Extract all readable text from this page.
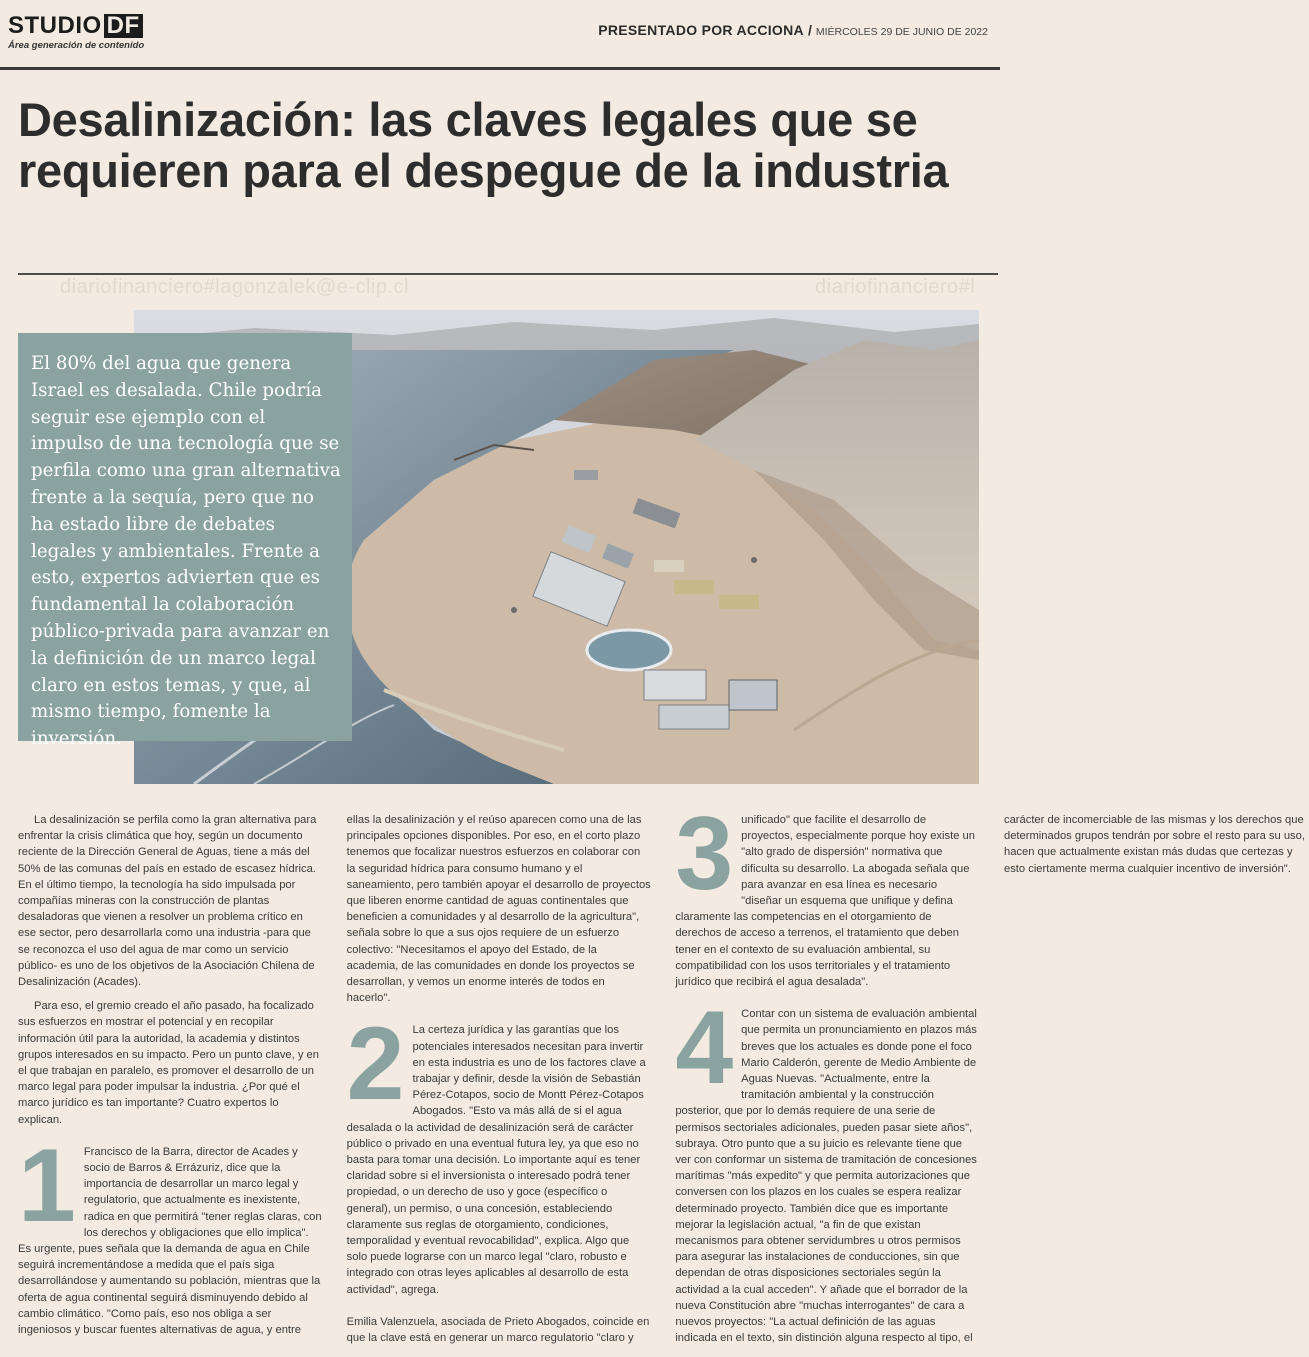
STUDIO DF
Área generación de contenido
PRESENTADO POR ACCIONA / MIÉRCOLES 29 DE JUNIO DE 2022
Desalinización: las claves legales que se requieren para el despegue de la industria
diariofinanciero#lagonzalek@e-clip.cl	diariofinanciero#l

El 80% del agua que genera Israel es desalada. Chile podría seguir ese ejemplo con el impulso de una tecnología que se perfila como una gran alternativa frente a la sequía, pero que no ha estado libre de debates legales y ambientales. Frente a esto, expertos advierten que es fundamental la colaboración público-privada para avanzar en la definición de un marco legal claro en estos temas, y que, al mismo tiempo, fomente la inversión.

La desalinización se perfila como la gran alternativa para enfrentar la crisis climática que hoy, según un documento reciente de la Dirección General de Aguas, tiene a más del 50% de las comunas del país en estado de escasez hídrica. En el último tiempo, la tecnología ha sido impulsada por compañías mineras con la construcción de plantas desaladoras que vienen a resolver un problema crítico en ese sector, pero desarrollarla como una industria -para que se reconozca el uso del agua de mar como un servicio público- es uno de los objetivos de la Asociación Chilena de Desalinización (Acades).

Para eso, el gremio creado el año pasado, ha focalizado sus esfuerzos en mostrar el potencial y en recopilar información útil para la autoridad, la academia y distintos grupos interesados en su impacto. Pero un punto clave, y en el que trabajan en paralelo, es promover el desarrollo de un marco legal para poder impulsar la industria. ¿Por qué el marco jurídico es tan importante? Cuatro expertos lo explican.

1 Francisco de la Barra, director de Acades y socio de Barros & Errázuriz, dice que la importancia de desarrollar un marco legal y regulatorio, que actualmente es inexistente, radica en que permitirá "tener reglas claras, con los derechos y obligaciones que ello implica". Es urgente, pues señala que la demanda de agua en Chile seguirá incrementándose a medida que el país siga desarrollándose y aumentando su población, mientras que la oferta de agua continental seguirá disminuyendo debido al cambio climático. "Como país, eso nos obliga a ser ingeniosos y buscar fuentes alternativas de agua, y entre ellas la desalinización y el reúso aparecen como una de las principales opciones disponibles. Por eso, en el corto plazo tenemos que focalizar nuestros esfuerzos en colaborar con la seguridad hídrica para consumo humano y el saneamiento, pero también apoyar el desarrollo de proyectos que liberen enorme cantidad de aguas continentales que beneficien a comunidades y al desarrollo de la agricultura", señala sobre lo que a sus ojos requiere de un esfuerzo colectivo: "Necesitamos el apoyo del Estado, de la academia, de las comunidades en donde los proyectos se desarrollan, y vemos un enorme interés de todos en hacerlo".

2 La certeza jurídica y las garantías que los potenciales interesados necesitan para invertir en esta industria es uno de los factores clave a trabajar y definir, desde la visión de Sebastián Pérez-Cotapos, socio de Montt Pérez-Cotapos Abogados. "Esto va más allá de si el agua desalada o la actividad de desalinización será de carácter público o privado en una eventual futura ley, ya que eso no basta para tomar una decisión. Lo importante aquí es tener claridad sobre si el inversionista o interesado podrá tener propiedad, o un derecho de uso y goce (específico o general), un permiso, o una concesión, estableciendo claramente sus reglas de otorgamiento, condiciones, temporalidad y eventual revocabilidad", explica. Algo que solo puede lograrse con un marco legal "claro, robusto e integrado con otras leyes aplicables al desarrollo de esta actividad", agrega.

3
Emilia Valenzuela, asociada de Prieto Abogados, coincide en que la clave está en generar un marco regulatorio "claro y unificado" que facilite el desarrollo de proyectos, especialmente porque hoy existe un "alto grado de dispersión" normativa que dificulta su desarrollo. La abogada señala que para avanzar en esa línea es necesario "diseñar un esquema que unifique y defina claramente las competencias en el otorgamiento de derechos de acceso a terrenos, el tratamiento que deben tener en el contexto de su evaluación ambiental, su compatibilidad con los usos territoriales y el tratamiento jurídico que recibirá el agua desalada".

4 Contar con un sistema de evaluación ambiental que permita un pronunciamiento en plazos más breves que los actuales es donde pone el foco Mario Calderón, gerente de Medio Ambiente de Aguas Nuevas. "Actualmente, entre la tramitación ambiental y la construcción posterior, que por lo demás requiere de una serie de permisos sectoriales adicionales, pueden pasar siete años", subraya. Otro punto que a su juicio es relevante tiene que ver con conformar un sistema de tramitación de concesiones marítimas "más expedito" y que permita autorizaciones que conversen con los plazos en los cuales se espera realizar determinado proyecto. También dice que es importante mejorar la legislación actual, "a fin de que existan mecanismos para obtener servidumbres u otros permisos para asegurar las instalaciones de conducciones, sin que dependan de otras disposiciones sectoriales según la actividad a la cual acceden". Y añade que el borrador de la nueva Constitución abre "muchas interrogantes" de cara a nuevos proyectos: "La actual definición de las aguas indicada en el texto, sin distinción alguna respecto al tipo, el carácter de incomerciable de las mismas y los derechos que determinados grupos tendrán por sobre el resto para su uso, hacen que actualmente existan más dudas que certezas y esto ciertamente merma cualquier incentivo de inversión".
